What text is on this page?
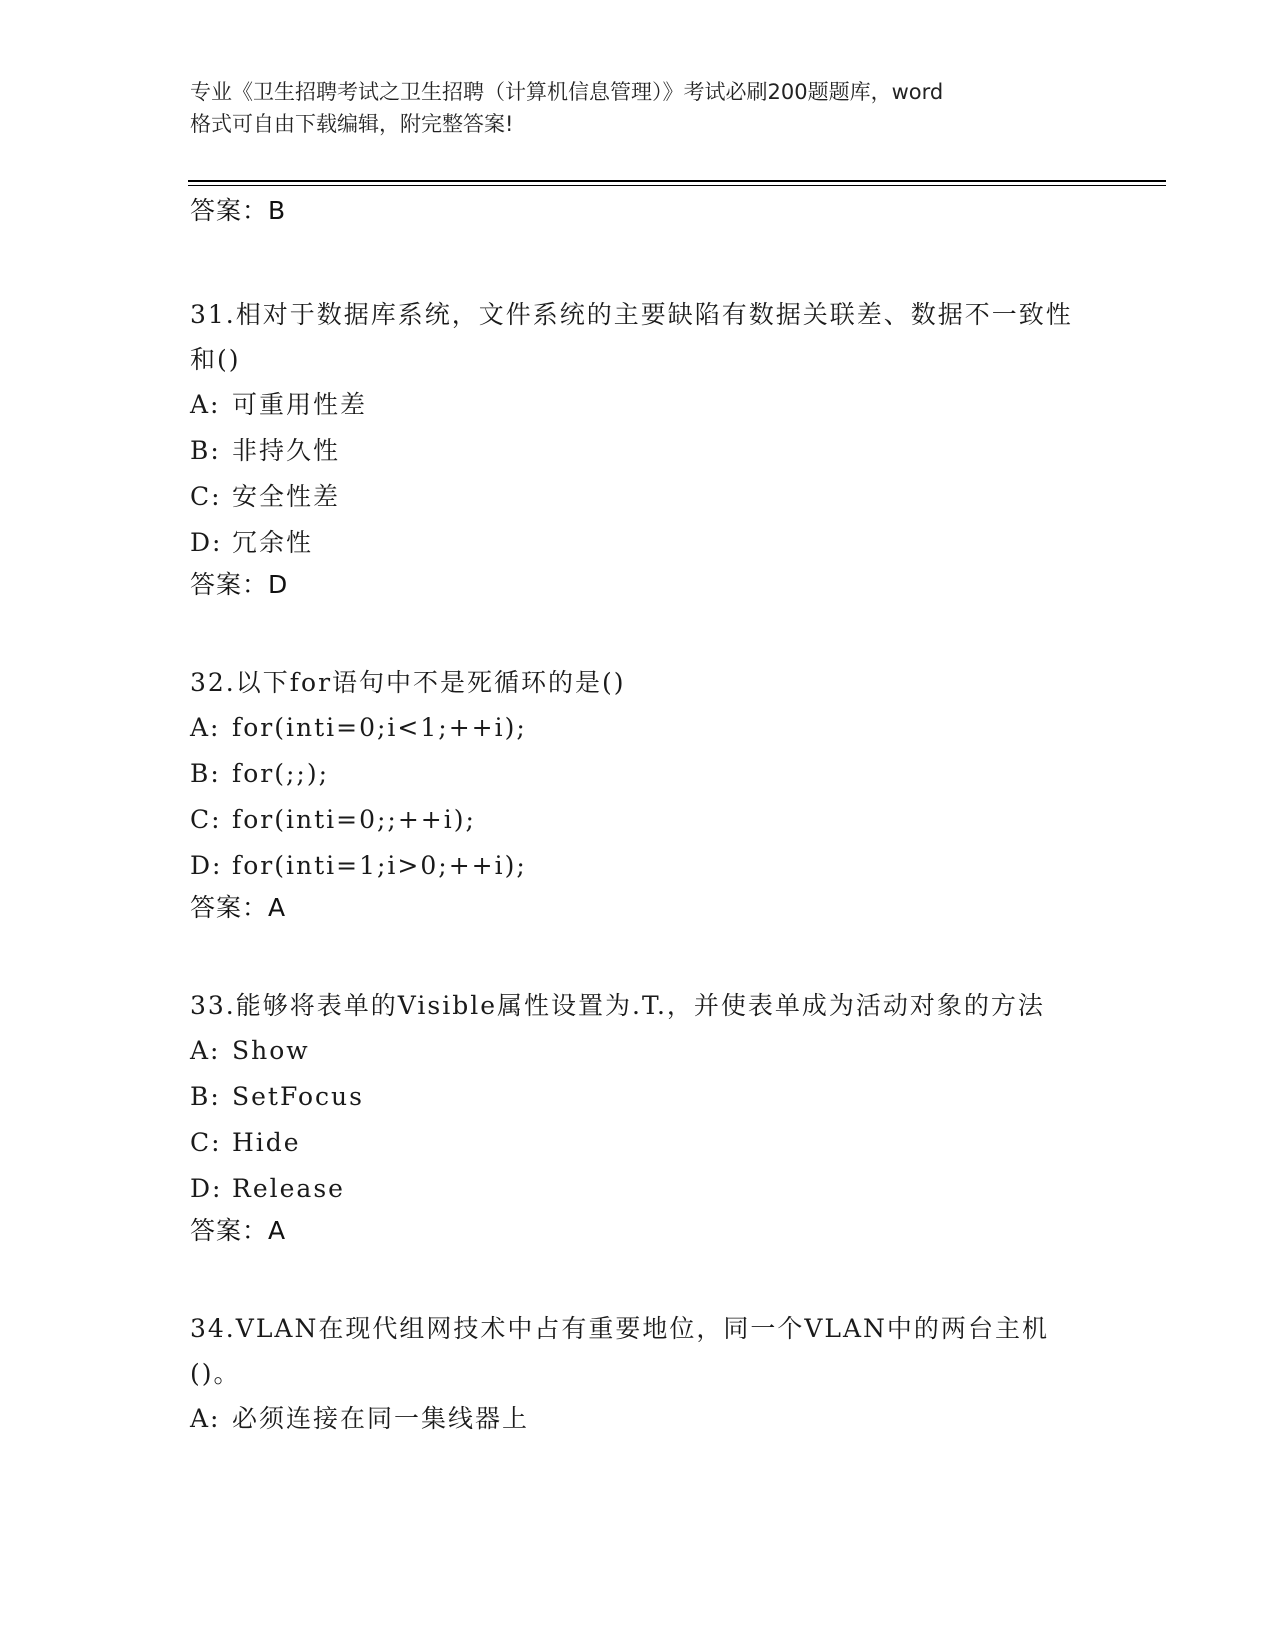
专业《卫生招聘考试之卫生招聘（计算机信息管理）》考试必刷200题题库，word
格式可自由下载编辑，附完整答案!
答案：B
31.相对于数据库系统，文件系统的主要缺陷有数据关联差、数据不一致性和()
A: 可重用性差
B: 非持久性
C: 安全性差
D: 冗余性
答案：D
32.以下for语句中不是死循环的是()
A: for(inti=0;i<1;++i);
B: for(;;);
C: for(inti=0;;++i);
D: for(inti=1;i>0;++i);
答案：A
33.能够将表单的Visible属性设置为.T.，并使表单成为活动对象的方法
A: Show
B: SetFocus
C: Hide
D: Release
答案：A
34.VLAN在现代组网技术中占有重要地位，同一个VLAN中的两台主机()。
A: 必须连接在同一集线器上
